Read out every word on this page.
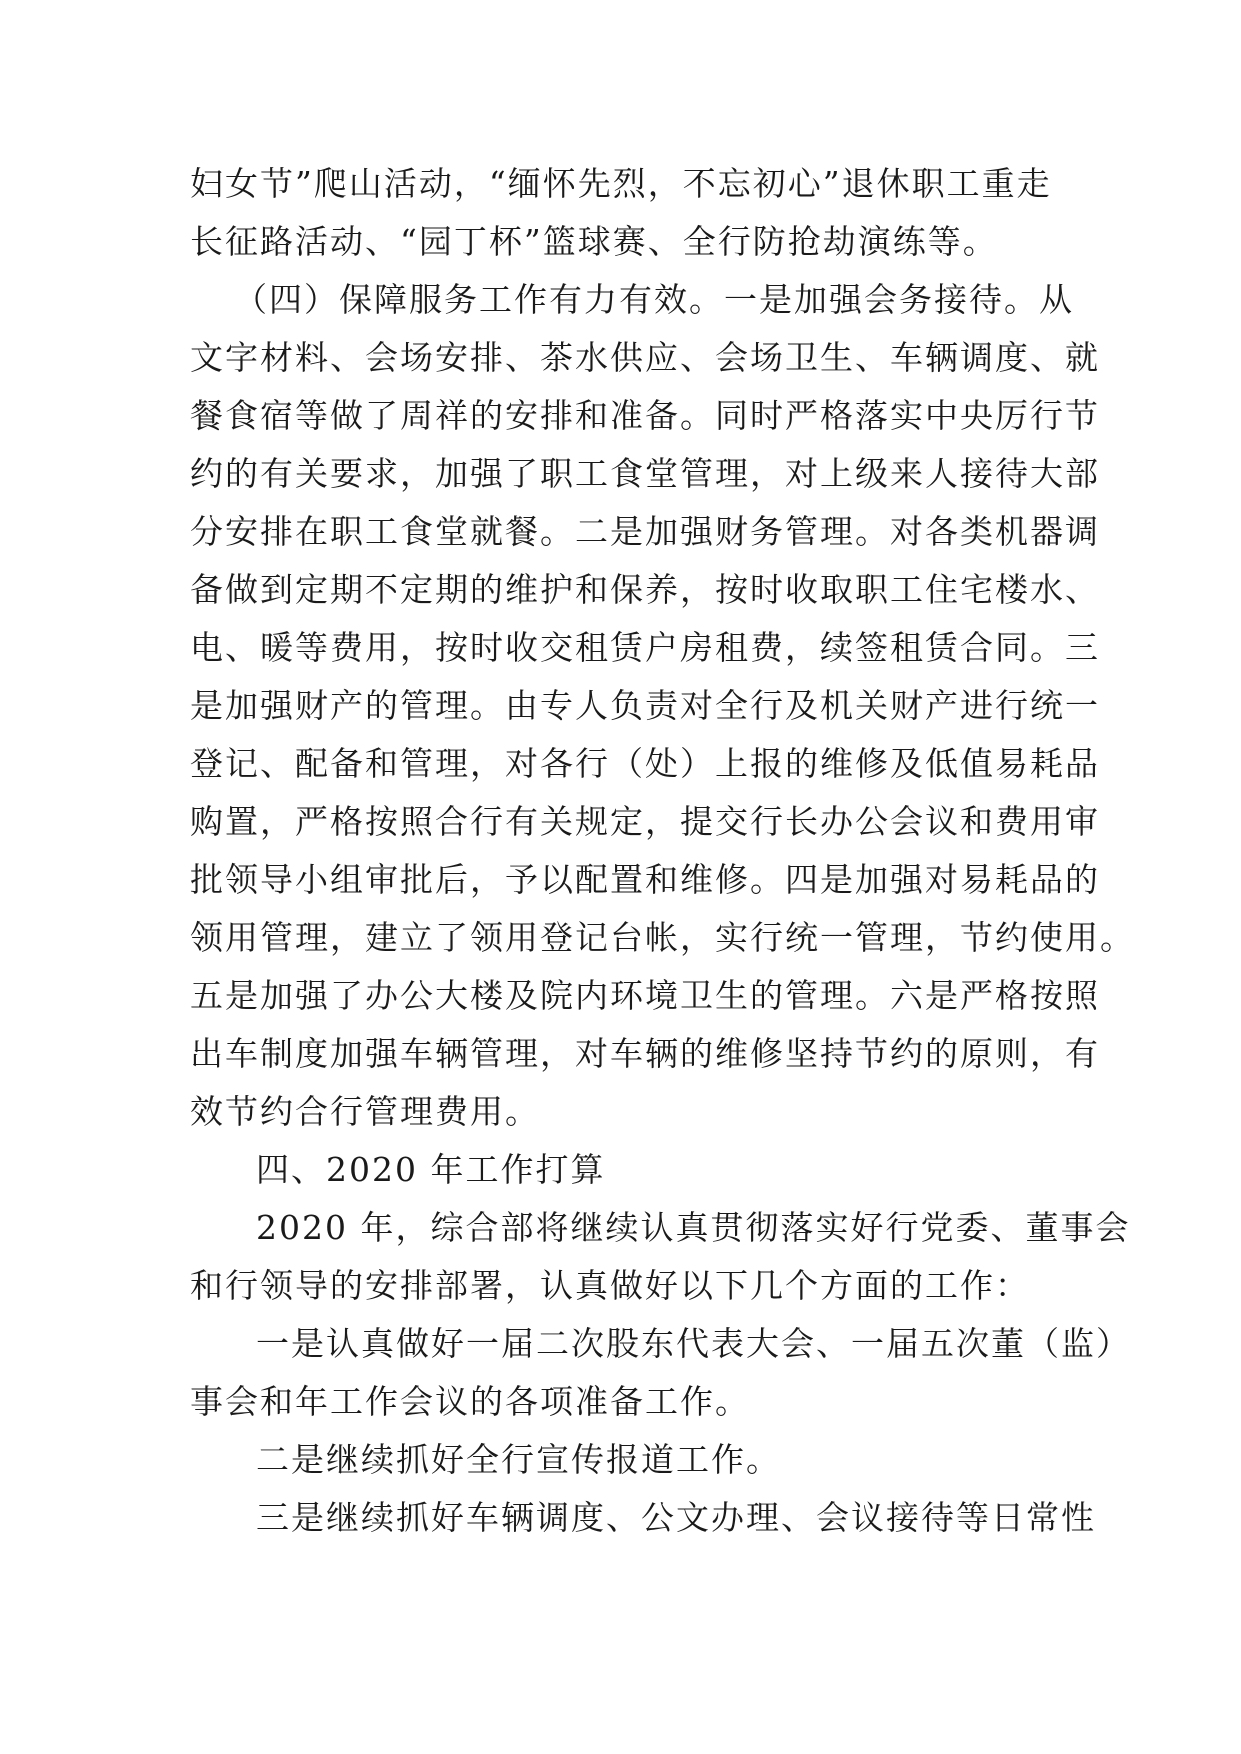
妇女节”爬山活动，“缅怀先烈，不忘初心”退休职工重走
长征路活动、“园丁杯”篮球赛、全行防抢劫演练等。
（四）保障服务工作有力有效。一是加强会务接待。从
文字材料、会场安排、茶水供应、会场卫生、车辆调度、就
餐食宿等做了周祥的安排和准备。同时严格落实中央厉行节
约的有关要求，加强了职工食堂管理，对上级来人接待大部
分安排在职工食堂就餐。二是加强财务管理。对各类机器调
备做到定期不定期的维护和保养，按时收取职工住宅楼水、
电、暖等费用，按时收交租赁户房租费，续签租赁合同。三
是加强财产的管理。由专人负责对全行及机关财产进行统一
登记、配备和管理，对各行（处）上报的维修及低值易耗品
购置，严格按照合行有关规定，提交行长办公会议和费用审
批领导小组审批后，予以配置和维修。四是加强对易耗品的
领用管理，建立了领用登记台帐，实行统一管理，节约使用。
五是加强了办公大楼及院内环境卫生的管理。六是严格按照
出车制度加强车辆管理，对车辆的维修坚持节约的原则，有
效节约合行管理费用。
四、2020 年工作打算
2020 年，综合部将继续认真贯彻落实好行党委、董事会
和行领导的安排部署，认真做好以下几个方面的工作：
一是认真做好一届二次股东代表大会、一届五次董（监）
事会和年工作会议的各项准备工作。
二是继续抓好全行宣传报道工作。
三是继续抓好车辆调度、公文办理、会议接待等日常性
